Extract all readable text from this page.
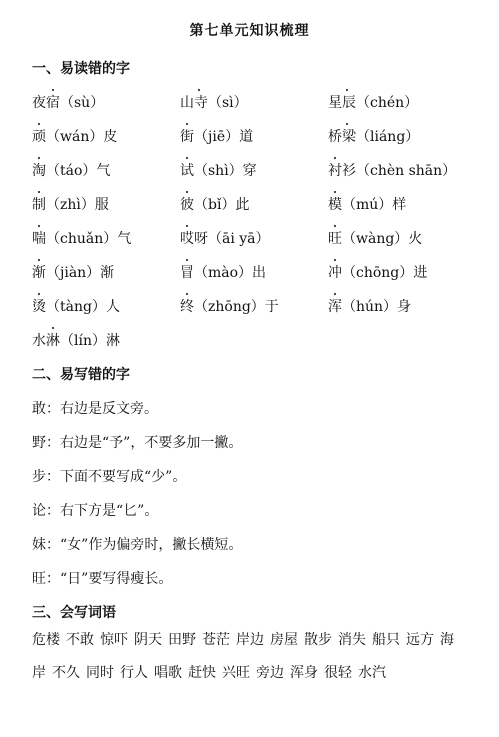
第七单元知识梳理
一、易读错的字
夜宿（sù）	山寺（sì）	星辰（chén）
顽（wán）皮	街（jiē）道	桥梁（liáng）
淘（táo）气	试（shì）穿	衬衫（chèn shān）
制（zhì）服	彼（bǐ）此	模（mú）样
喘（chuǎn）气	哎呀（āi yā）	旺（wàng）火
渐（jiàn）渐	冒（mào）出	冲（chōng）进
烫（tàng）人	终（zhōng）于	浑（hún）身
水淋（lín）淋
二、易写错的字
敢：右边是反文旁。
野：右边是“予”，不要多加一撇。
步：下面不要写成“少”。
论：右下方是“匕”。
妹：“女”作为偏旁时，撇长横短。
旺：“日”要写得瘦长。
三、会写词语
危楼 不敢 惊吓 阴天 田野 苍茫 岸边 房屋 散步 消失 船只 远方 海岸 不久 同时 行人 唱歌 赶快 兴旺 旁边 浑身 很轻 水汽
